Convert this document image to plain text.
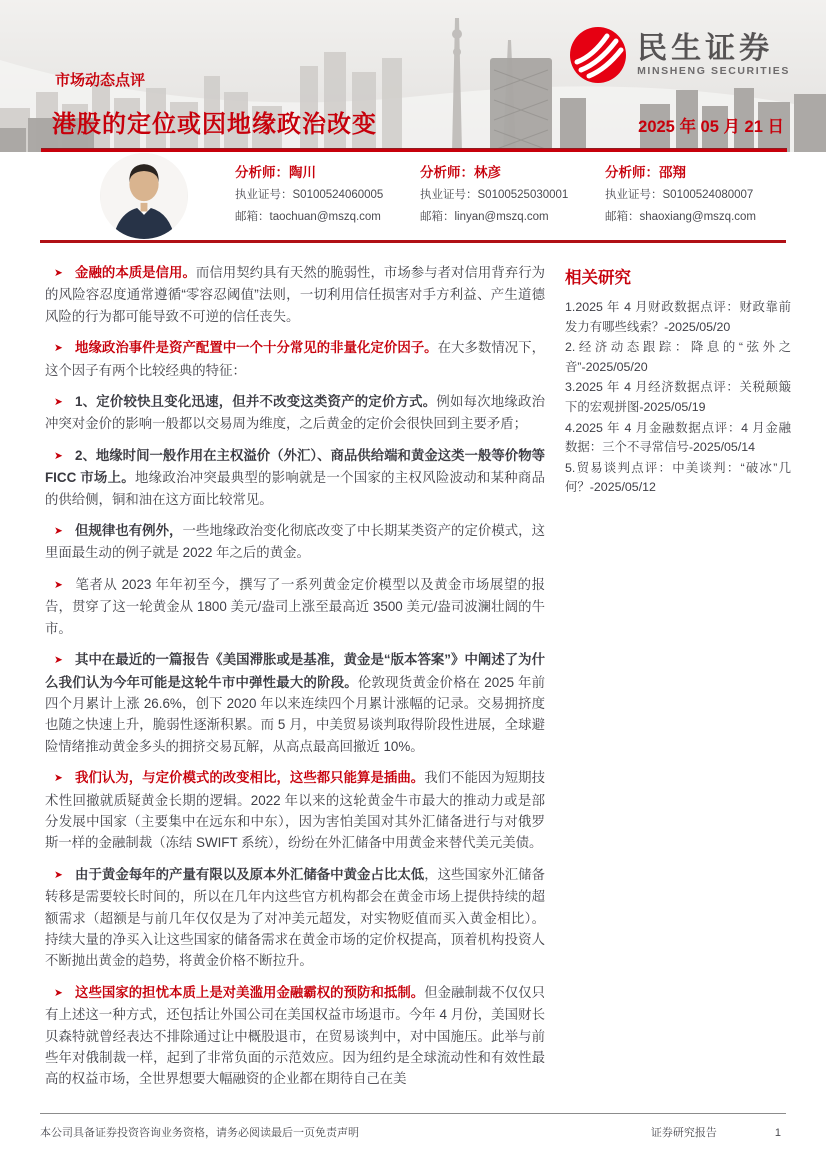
民生证券
MINSHENG SECURITIES
市场动态点评
港股的定位或因地缘政治改变	2025 年 05 月 21 日
分析师：陶川
执业证号：S0100524060005
邮箱：taochuan@mszq.com
分析师：林彦
执业证号：S0100525030001
邮箱：linyan@mszq.com
分析师：邵翔
执业证号：S0100524080007
邮箱：shaoxiang@mszq.com

➤ 金融的本质是信用。而信用契约具有天然的脆弱性，市场参与者对信用背弃行为的风险容忍度通常遵循“零容忍阈值”法则，一切利用信任损害对手方利益、产生道德风险的行为都可能导致不可逆的信任丧失。

➤ 地缘政治事件是资产配置中一个十分常见的非量化定价因子。在大多数情况下，这个因子有两个比较经典的特征：

➤ 1、定价较快且变化迅速，但并不改变这类资产的定价方式。例如每次地缘政治冲突对金价的影响一般都以交易周为维度，之后黄金的定价会很快回到主要矛盾；

➤ 2、地缘时间一般作用在主权溢价（外汇）、商品供给端和黄金这类一般等价物等 FICC 市场上。地缘政治冲突最典型的影响就是一个国家的主权风险波动和某种商品的供给侧，铜和油在这方面比较常见。

➤ 但规律也有例外，一些地缘政治变化彻底改变了中长期某类资产的定价模式，这里面最生动的例子就是 2022 年之后的黄金。

➤ 笔者从 2023 年年初至今，撰写了一系列黄金定价模型以及黄金市场展望的报告，贯穿了这一轮黄金从 1800 美元/盎司上涨至最高近 3500 美元/盎司波澜壮阔的牛市。

➤ 其中在最近的一篇报告《美国滞胀或是基准，黄金是“版本答案”》中阐述了为什么我们认为今年可能是这轮牛市中弹性最大的阶段。伦敦现货黄金价格在 2025 年前四个月累计上涨 26.6%，创下 2020 年以来连续四个月累计涨幅的记录。交易拥挤度也随之快速上升，脆弱性逐渐积累。而 5 月，中美贸易谈判取得阶段性进展，全球避险情绪推动黄金多头的拥挤交易瓦解，从高点最高回撤近 10%。

➤ 我们认为，与定价模式的改变相比，这些都只能算是插曲。我们不能因为短期技术性回撤就质疑黄金长期的逻辑。2022 年以来的这轮黄金牛市最大的推动力或是部分发展中国家（主要集中在远东和中东），因为害怕美国对其外汇储备进行与对俄罗斯一样的金融制裁（冻结 SWIFT 系统），纷纷在外汇储备中用黄金来替代美元美债。

➤ 由于黄金每年的产量有限以及原本外汇储备中黄金占比太低，这些国家外汇储备转移是需要较长时间的，所以在几年内这些官方机构都会在黄金市场上提供持续的超额需求（超额是与前几年仅仅是为了对冲美元超发，对实物贬值而买入黄金相比）。持续大量的净买入让这些国家的储备需求在黄金市场的定价权提高，顶着机构投资人不断抛出黄金的趋势，将黄金价格不断拉升。

➤ 这些国家的担忧本质上是对美滥用金融霸权的预防和抵制。但金融制裁不仅仅只有上述这一种方式，还包括让外国公司在美国权益市场退市。今年 4 月份，美国财长贝森特就曾经表达不排除通过让中概股退市，在贸易谈判中，对中国施压。此举与前些年对俄制裁一样，起到了非常负面的示范效应。因为纽约是全球流动性和有效性最高的权益市场，全世界想要大幅融资的企业都在期待自己在美

相关研究
1.2025 年 4 月财政数据点评：财政靠前发力有哪些线索？-2025/05/20
2.经济动态跟踪：降息的“弦外之音”-2025/05/20
3.2025 年 4 月经济数据点评：关税颠簸下的宏观拼图-2025/05/19
4.2025 年 4 月金融数据点评：4 月金融数据：三个不寻常信号-2025/05/14
5.贸易谈判点评：中美谈判：“破冰”几何？-2025/05/12
本公司具备证券投资咨询业务资格，请务必阅读最后一页免责声明	证券研究报告	1
